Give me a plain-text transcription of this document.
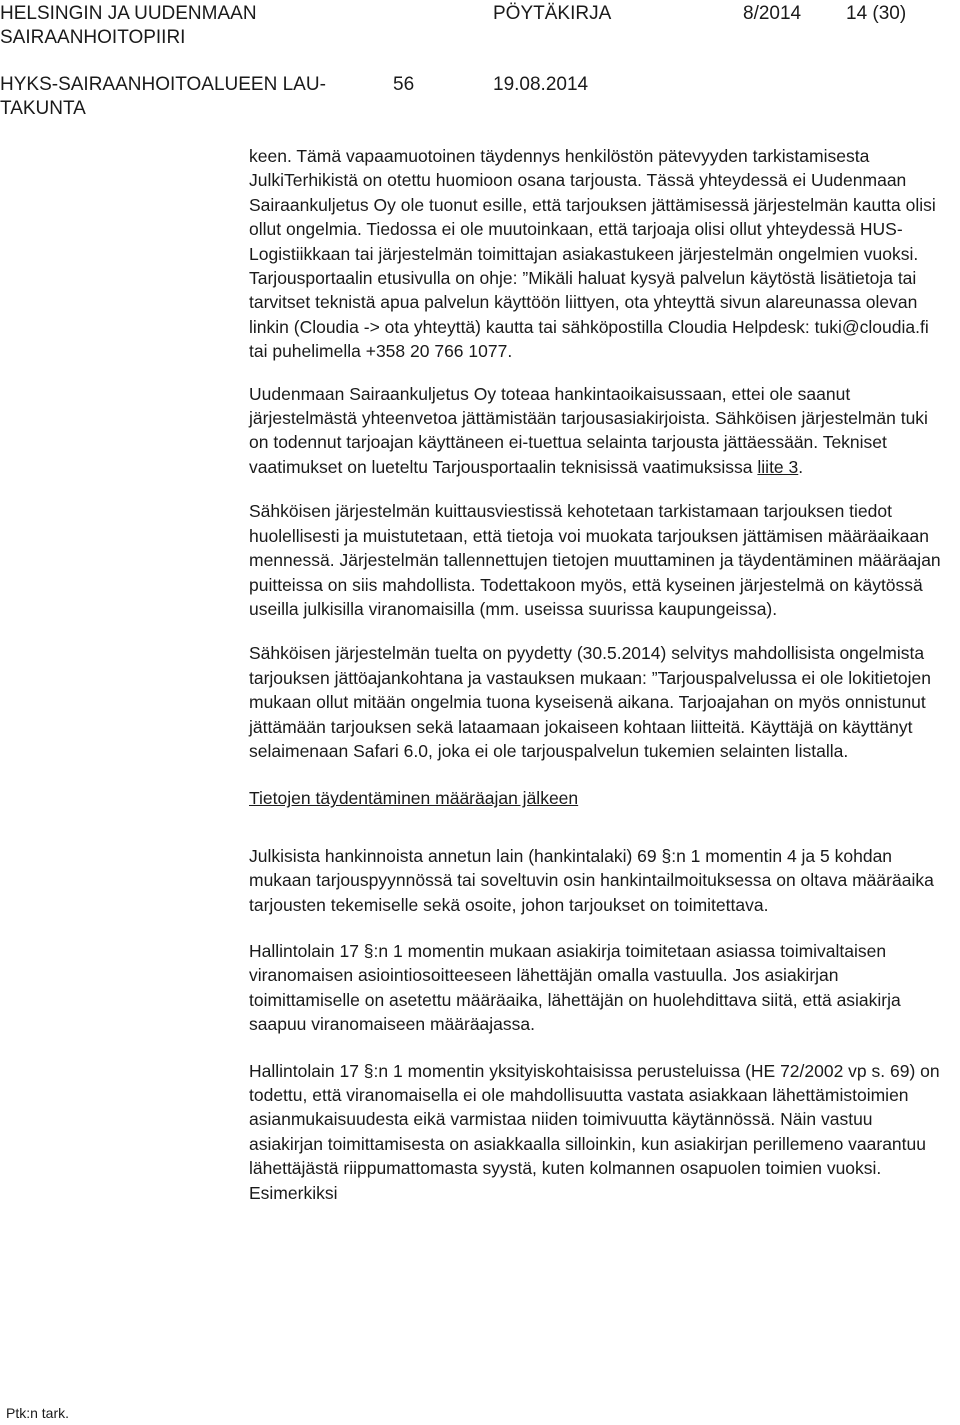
HELSINGIN JA UUDENMAAN
SAIRAANHOITOPIIRI
PÖYTÄKIRJA	8/2014 14 (30)
HYKS-SAIRAANHOITOALUEEN LAU-
TAKUNTA
56	19.08.2014

keen. Tämä vapaamuotoinen täydennys henkilöstön pätevyyden tarkistamisesta JulkiTerhikistä on otettu huomioon osana tarjousta. Tässä yhteydessä ei Uudenmaan Sairaankuljetus Oy ole tuonut esille, että tarjouksen jättämisessä järjestelmän kautta olisi ollut ongelmia. Tiedossa ei ole muutoinkaan, että tarjoaja olisi ollut yhteydessä HUS-Logistiikkaan tai järjestelmän toimittajan asiakastukeen järjestelmän ongelmien vuoksi. Tarjousportaalin etusivulla on ohje: ”Mikäli haluat kysyä palvelun käytöstä lisätietoja tai tarvitset teknistä apua palvelun käyttöön liittyen, ota yhteyttä sivun alareunassa olevan linkin (Cloudia -> ota yhteyttä) kautta tai sähköpostilla Cloudia Helpdesk: tuki@cloudia.fi tai puhelimella +358 20 766 1077.

Uudenmaan Sairaankuljetus Oy toteaa hankintaoikaisussaan, ettei ole saanut järjestelmästä yhteenvetoa jättämistään tarjousasiakirjoista. Sähköisen järjestelmän tuki on todennut tarjoajan käyttäneen ei-tuettua selainta tarjousta jättäessään. Tekniset vaatimukset on lueteltu Tarjousportaalin teknisissä vaatimuksissa liite 3.

Sähköisen järjestelmän kuittausviestissä kehotetaan tarkistamaan tarjouksen tiedot huolellisesti ja muistutetaan, että tietoja voi muokata tarjouksen jättämisen määräaikaan mennessä. Järjestelmän tallennettujen tietojen muuttaminen ja täydentäminen määräajan puitteissa on siis mahdollista. Todettakoon myös, että kyseinen järjestelmä on käytössä useilla julkisilla viranomaisilla (mm. useissa suurissa kaupungeissa).

Sähköisen järjestelmän tuelta on pyydetty (30.5.2014) selvitys mahdollisista ongelmista tarjouksen jättöajankohtana ja vastauksen mukaan: ”Tarjouspalvelussa ei ole lokitietojen mukaan ollut mitään ongelmia tuona kyseisenä aikana. Tarjoajahan on myös onnistunut jättämään tarjouksen sekä lataamaan jokaiseen kohtaan liitteitä. Käyttäjä on käyttänyt selaimenaan Safari 6.0, joka ei ole tarjouspalvelun tukemien selainten listalla.

Tietojen täydentäminen määräajan jälkeen

Julkisista hankinnoista annetun lain (hankintalaki) 69 §:n 1 momentin 4 ja 5 kohdan mukaan tarjouspyynnössä tai soveltuvin osin hankintailmoituksessa on oltava määräaika tarjousten tekemiselle sekä osoite, johon tarjoukset on toimitettava.

Hallintolain 17 §:n 1 momentin mukaan asiakirja toimitetaan asiassa toimivaltaisen viranomaisen asiointiosoitteeseen lähettäjän omalla vastuulla. Jos asiakirjan toimittamiselle on asetettu määräaika, lähettäjän on huolehdittava siitä, että asiakirja saapuu viranomaiseen määräajassa.

Hallintolain 17 §:n 1 momentin yksityiskohtaisissa perusteluissa (HE 72/2002 vp s. 69) on todettu, että viranomaisella ei ole mahdollisuutta vastata asiakkaan lähettämistoimien asianmukaisuudesta eikä varmistaa niiden toimivuutta käytännössä. Näin vastuu asiakirjan toimittamisesta on asiakkaalla silloinkin, kun asiakirjan perillemeno vaarantuu lähettäjästä riippumattomasta syystä, kuten kolmannen osapuolen toimien vuoksi. Esimerkiksi

Ptk:n tark.
